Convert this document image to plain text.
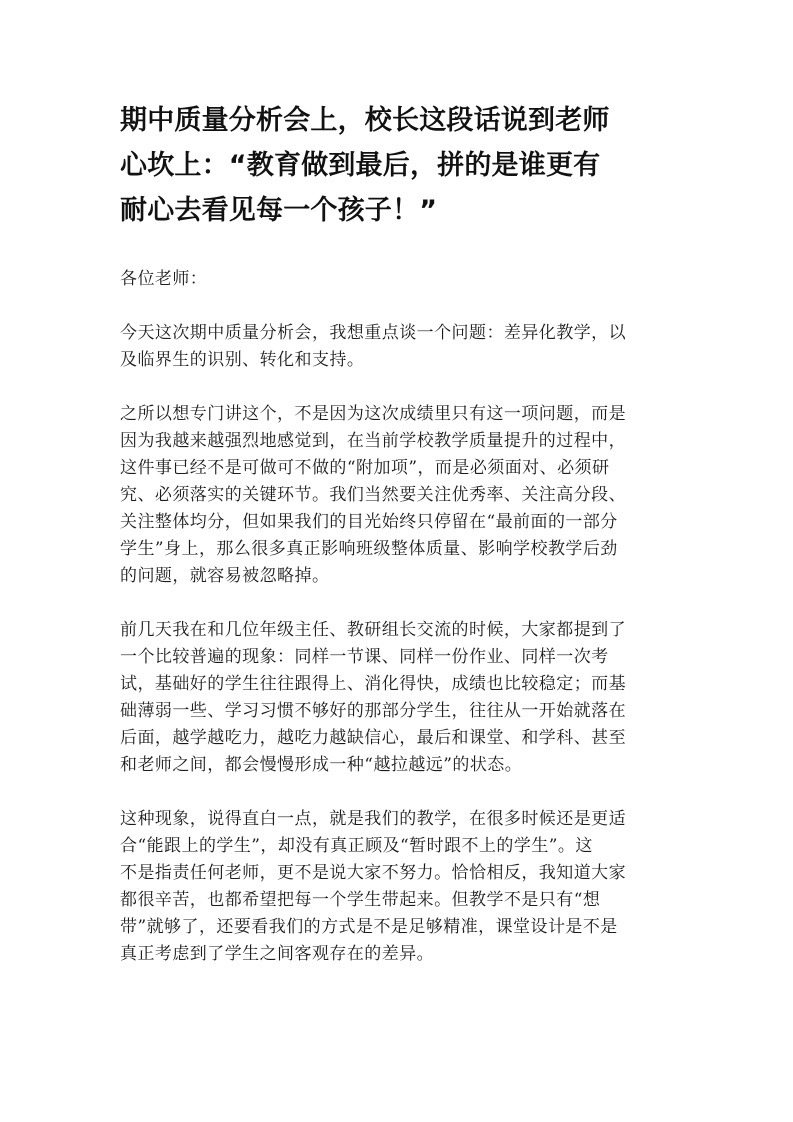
期中质量分析会上，校长这段话说到老师
心坎上：“教育做到最后，拼的是谁更有
耐心去看见每一个孩子！”

各位老师：

今天这次期中质量分析会，我想重点谈一个问题：差异化教学，以
及临界生的识别、转化和支持。

之所以想专门讲这个，不是因为这次成绩里只有这一项问题，而是
因为我越来越强烈地感觉到，在当前学校教学质量提升的过程中，
这件事已经不是可做可不做的“附加项”，而是必须面对、必须研
究、必须落实的关键环节。我们当然要关注优秀率、关注高分段、
关注整体均分，但如果我们的目光始终只停留在“最前面的一部分
学生”身上，那么很多真正影响班级整体质量、影响学校教学后劲
的问题，就容易被忽略掉。

前几天我在和几位年级主任、教研组长交流的时候，大家都提到了
一个比较普遍的现象：同样一节课、同样一份作业、同样一次考
试，基础好的学生往往跟得上、消化得快，成绩也比较稳定；而基
础薄弱一些、学习习惯不够好的那部分学生，往往从一开始就落在
后面，越学越吃力，越吃力越缺信心，最后和课堂、和学科、甚至
和老师之间，都会慢慢形成一种“越拉越远”的状态。

这种现象，说得直白一点，就是我们的教学，在很多时候还是更适
合“能跟上的学生”，却没有真正顾及“暂时跟不上的学生”。这
不是指责任何老师，更不是说大家不努力。恰恰相反，我知道大家
都很辛苦，也都希望把每一个学生带起来。但教学不是只有“想
带”就够了，还要看我们的方式是不是足够精准，课堂设计是不是
真正考虑到了学生之间客观存在的差异。
